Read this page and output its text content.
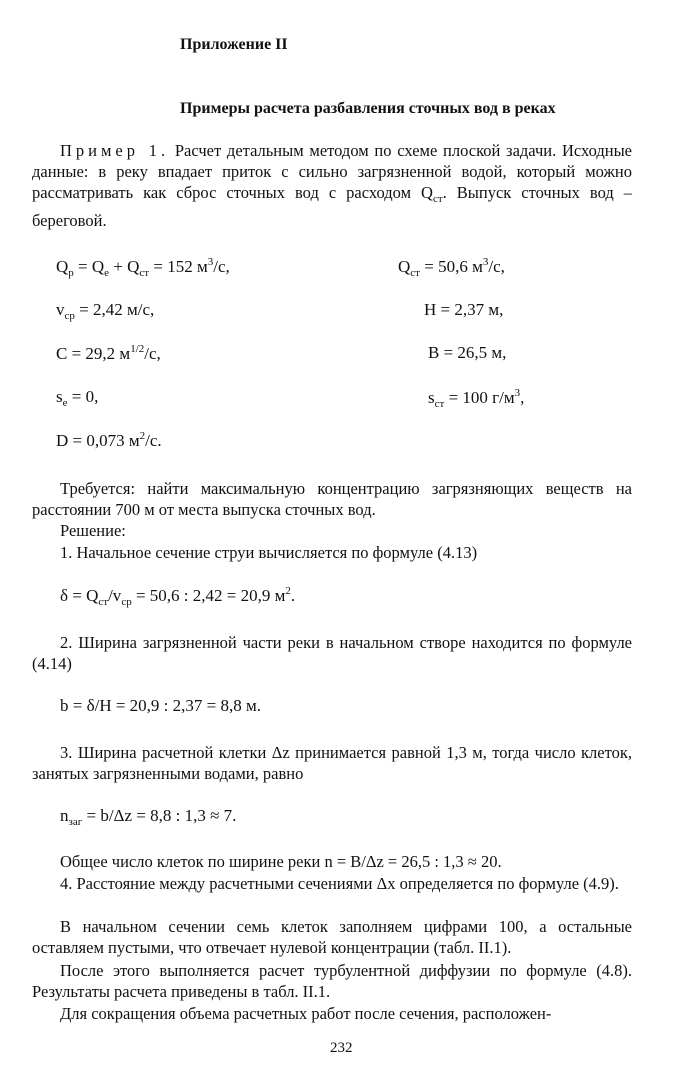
Приложение II
Примеры расчета разбавления сточных вод в реках
Пример 1. Расчет детальным методом по схеме плоской задачи. Исходные данные: в реку впадает приток с сильно загрязненной водой, который можно рассматривать как сброс сточных вод с расходом $Q_{ст}$. Выпуск сточных вод – береговой.
$Q_р = Q_е + Q_{ст} = 152$ $м^3/с$,	$Q_{ст} = 50,6$ $м^3/с$,
$v_{ср} = 2,42$ м/с,	Н = 2,37 м,
С = 29,2 $м^{1/2}/с$,	В = 26,5 м,
$s_е = 0$,	$s_{ст} = 100$ $г/м^3$,
D = 0,073 $м^2/с$.
Требуется: найти максимальную концентрацию загрязняющих веществ на расстоянии 700 м от места выпуска сточных вод.
Решение:
1. Начальное сечение струи вычисляется по формуле (4.13)
$\delta = Q_{ст}/v_{ср} = 50,6$ : 2,42 = 20,9 $м^2$.
2. Ширина загрязненной части реки в начальном створе находится по формуле (4.14)
b = δ/H = 20,9 : 2,37 = 8,8 м.
3. Ширина расчетной клетки Δz принимается равной 1,3 м, тогда число клеток, занятых загрязненными водами, равно
$n_{заг} = b/\Delta z = 8,8$ : 1,3 ≈ 7.
Общее число клеток по ширине реки n = B/Δz = 26,5 : 1,3 ≈ 20.
4. Расстояние между расчетными сечениями Δx определяется по формуле (4.9).
В начальном сечении семь клеток заполняем цифрами 100, а остальные оставляем пустыми, что отвечает нулевой концентрации (табл. II.1).
После этого выполняется расчет турбулентной диффузии по формуле (4.8). Результаты расчета приведены в табл. II.1.
Для сокращения объема расчетных работ после сечения, расположен-
232
